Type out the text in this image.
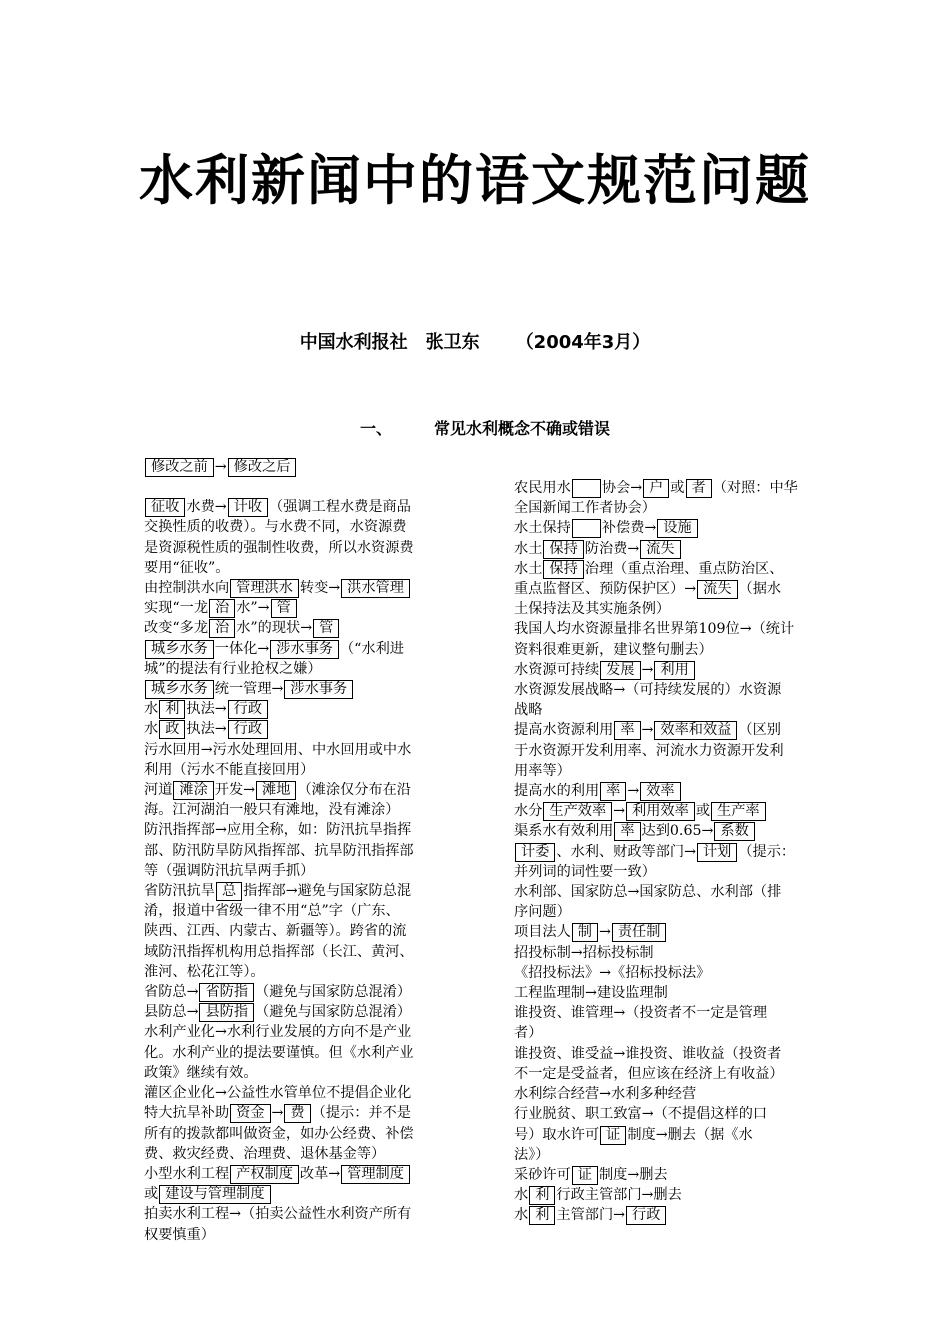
水利新闻中的语文规范问题
中国水利报社　张卫东 （2004年3月）
一、	常见水利概念不确或错误
修改之前 → 修改之后
征收 水费→ 计收 （强调工程水费是商品
交换性质的收费）。与水费不同，水资源费
是资源税性质的强制性收费，所以水资源费
要用“征收”。
由控制洪水向 管理洪水 转变→ 洪水管理
实现“一龙 治 水”→ 管
改变“多龙 治 水”的现状→ 管
城乡水务 一体化→ 涉水事务 （“水利进
城”的提法有行业抢权之嫌）
城乡水务 统一管理→ 涉水事务
水 利 执法→ 行政
水 政 执法→ 行政
污水回用→污水处理回用、中水回用或中水
利用（污水不能直接回用）
河道 滩涂 开发→ 滩地 （滩涂仅分布在沿
海。江河湖泊一般只有滩地，没有滩涂）
防汛指挥部→应用全称，如：防汛抗旱指挥
部、防汛防旱防风指挥部、抗旱防汛指挥部
等（强调防汛抗旱两手抓）
省防汛抗旱 总 指挥部→避免与国家防总混
淆，报道中省级一律不用“总”字（广东、
陕西、江西、内蒙古、新疆等）。跨省的流
域防汛指挥机构用总指挥部（长江、黄河、
淮河、松花江等）。
省防总→ 省防指 （避免与国家防总混淆）
县防总→ 县防指 （避免与国家防总混淆）
水利产业化→水利行业发展的方向不是产业
化。水利产业的提法要谨慎。但《水利产业
政策》继续有效。
灌区企业化→公益性水管单位不提倡企业化
特大抗旱补助 资金 → 费 （提示：并不是
所有的拨款都叫做资金，如办公经费、补偿
费、救灾经费、治理费、退休基金等）
小型水利工程 产权制度 改革→ 管理制度
或 建设与管理制度
拍卖水利工程→（拍卖公益性水利资产所有
权要慎重）
农民用水 协会→ 户 或 者 （对照：中华
全国新闻工作者协会）
水土保持 补偿费→ 设施
水土 保持 防治费→ 流失
水土 保持 治理（重点治理、重点防治区、
重点监督区、预防保护区）→ 流失 （据水
土保持法及其实施条例）
我国人均水资源量排名世界第109位→（统计
资料很难更新，建议整句删去）
水资源可持续 发展 → 利用
水资源发展战略→（可持续发展的）水资源
战略
提高水资源利用 率 → 效率和效益 （区别
于水资源开发利用率、河流水力资源开发利
用率等）
提高水的利用 率 → 效率
水分 生产效率 → 利用效率 或 生产率
渠系水有效利用 率 达到0.65→ 系数
计委 、水利、财政等部门→ 计划 （提示：
并列词的词性要一致）
水利部、国家防总→国家防总、水利部（排
序问题）
项目法人 制 → 责任制
招投标制→招标投标制
《招投标法》→《招标投标法》
工程监理制→建设监理制
谁投资、谁管理→（投资者不一定是管理
者）
谁投资、谁受益→谁投资、谁收益（投资者
不一定是受益者，但应该在经济上有收益）
水利综合经营→水利多种经营
行业脱贫、职工致富→（不提倡这样的口
号）取水许可 证 制度→删去（据《水
法》）
采砂许可 证 制度→删去
水 利 行政主管部门→删去
水 利 主管部门→ 行政
